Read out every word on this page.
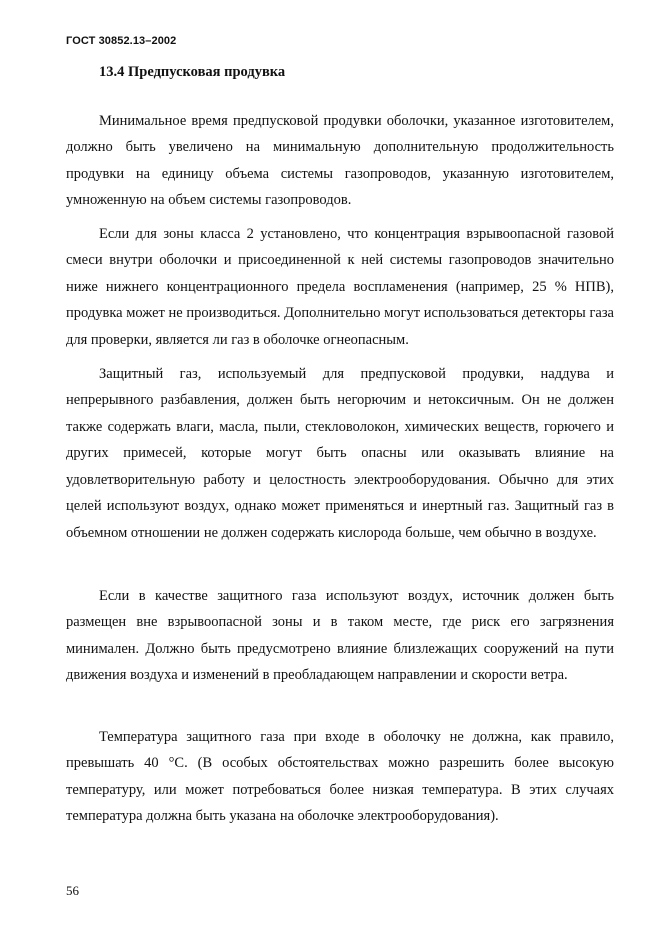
ГОСТ 30852.13–2002
13.4 Предпусковая продувка

Минимальное время предпусковой продувки оболочки, указанное изготовителем, должно быть увеличено на минимальную дополнительную продолжительность продувки на единицу объема системы газопроводов, указанную изготовителем, умноженную на объем системы газопроводов.

Если для зоны класса 2 установлено, что концентрация взрывоопасной газовой смеси внутри оболочки и присоединенной к ней системы газопроводов значительно ниже нижнего концентрационного предела воспламенения (например, 25 % НПВ), продувка может не производиться. Дополнительно могут использоваться детекторы газа для проверки, является ли газ в оболочке огнеопасным.

Защитный газ, используемый для предпусковой продувки, наддува и непрерывного разбавления, должен быть негорючим и нетоксичным. Он не должен также содержать влаги, масла, пыли, стекловолокон, химических веществ, горючего и других примесей, которые могут быть опасны или оказывать влияние на удовлетворительную работу и целостность электрооборудования. Обычно для этих целей используют воздух, однако может применяться и инертный газ. Защитный газ в объемном отношении не должен содержать кислорода больше, чем обычно в воздухе.

Если в качестве защитного газа используют воздух, источник должен быть размещен вне взрывоопасной зоны и в таком месте, где риск его загрязнения минимален. Должно быть предусмотрено влияние близлежащих сооружений на пути движения воздуха и изменений в преобладающем направлении и скорости ветра.

Температура защитного газа при входе в оболочку не должна, как правило, превышать 40 °С. (В особых обстоятельствах можно разрешить более высокую температуру, или может потребоваться более низкая температура. В этих случаях температура должна быть указана на оболочке электрооборудования).

56
